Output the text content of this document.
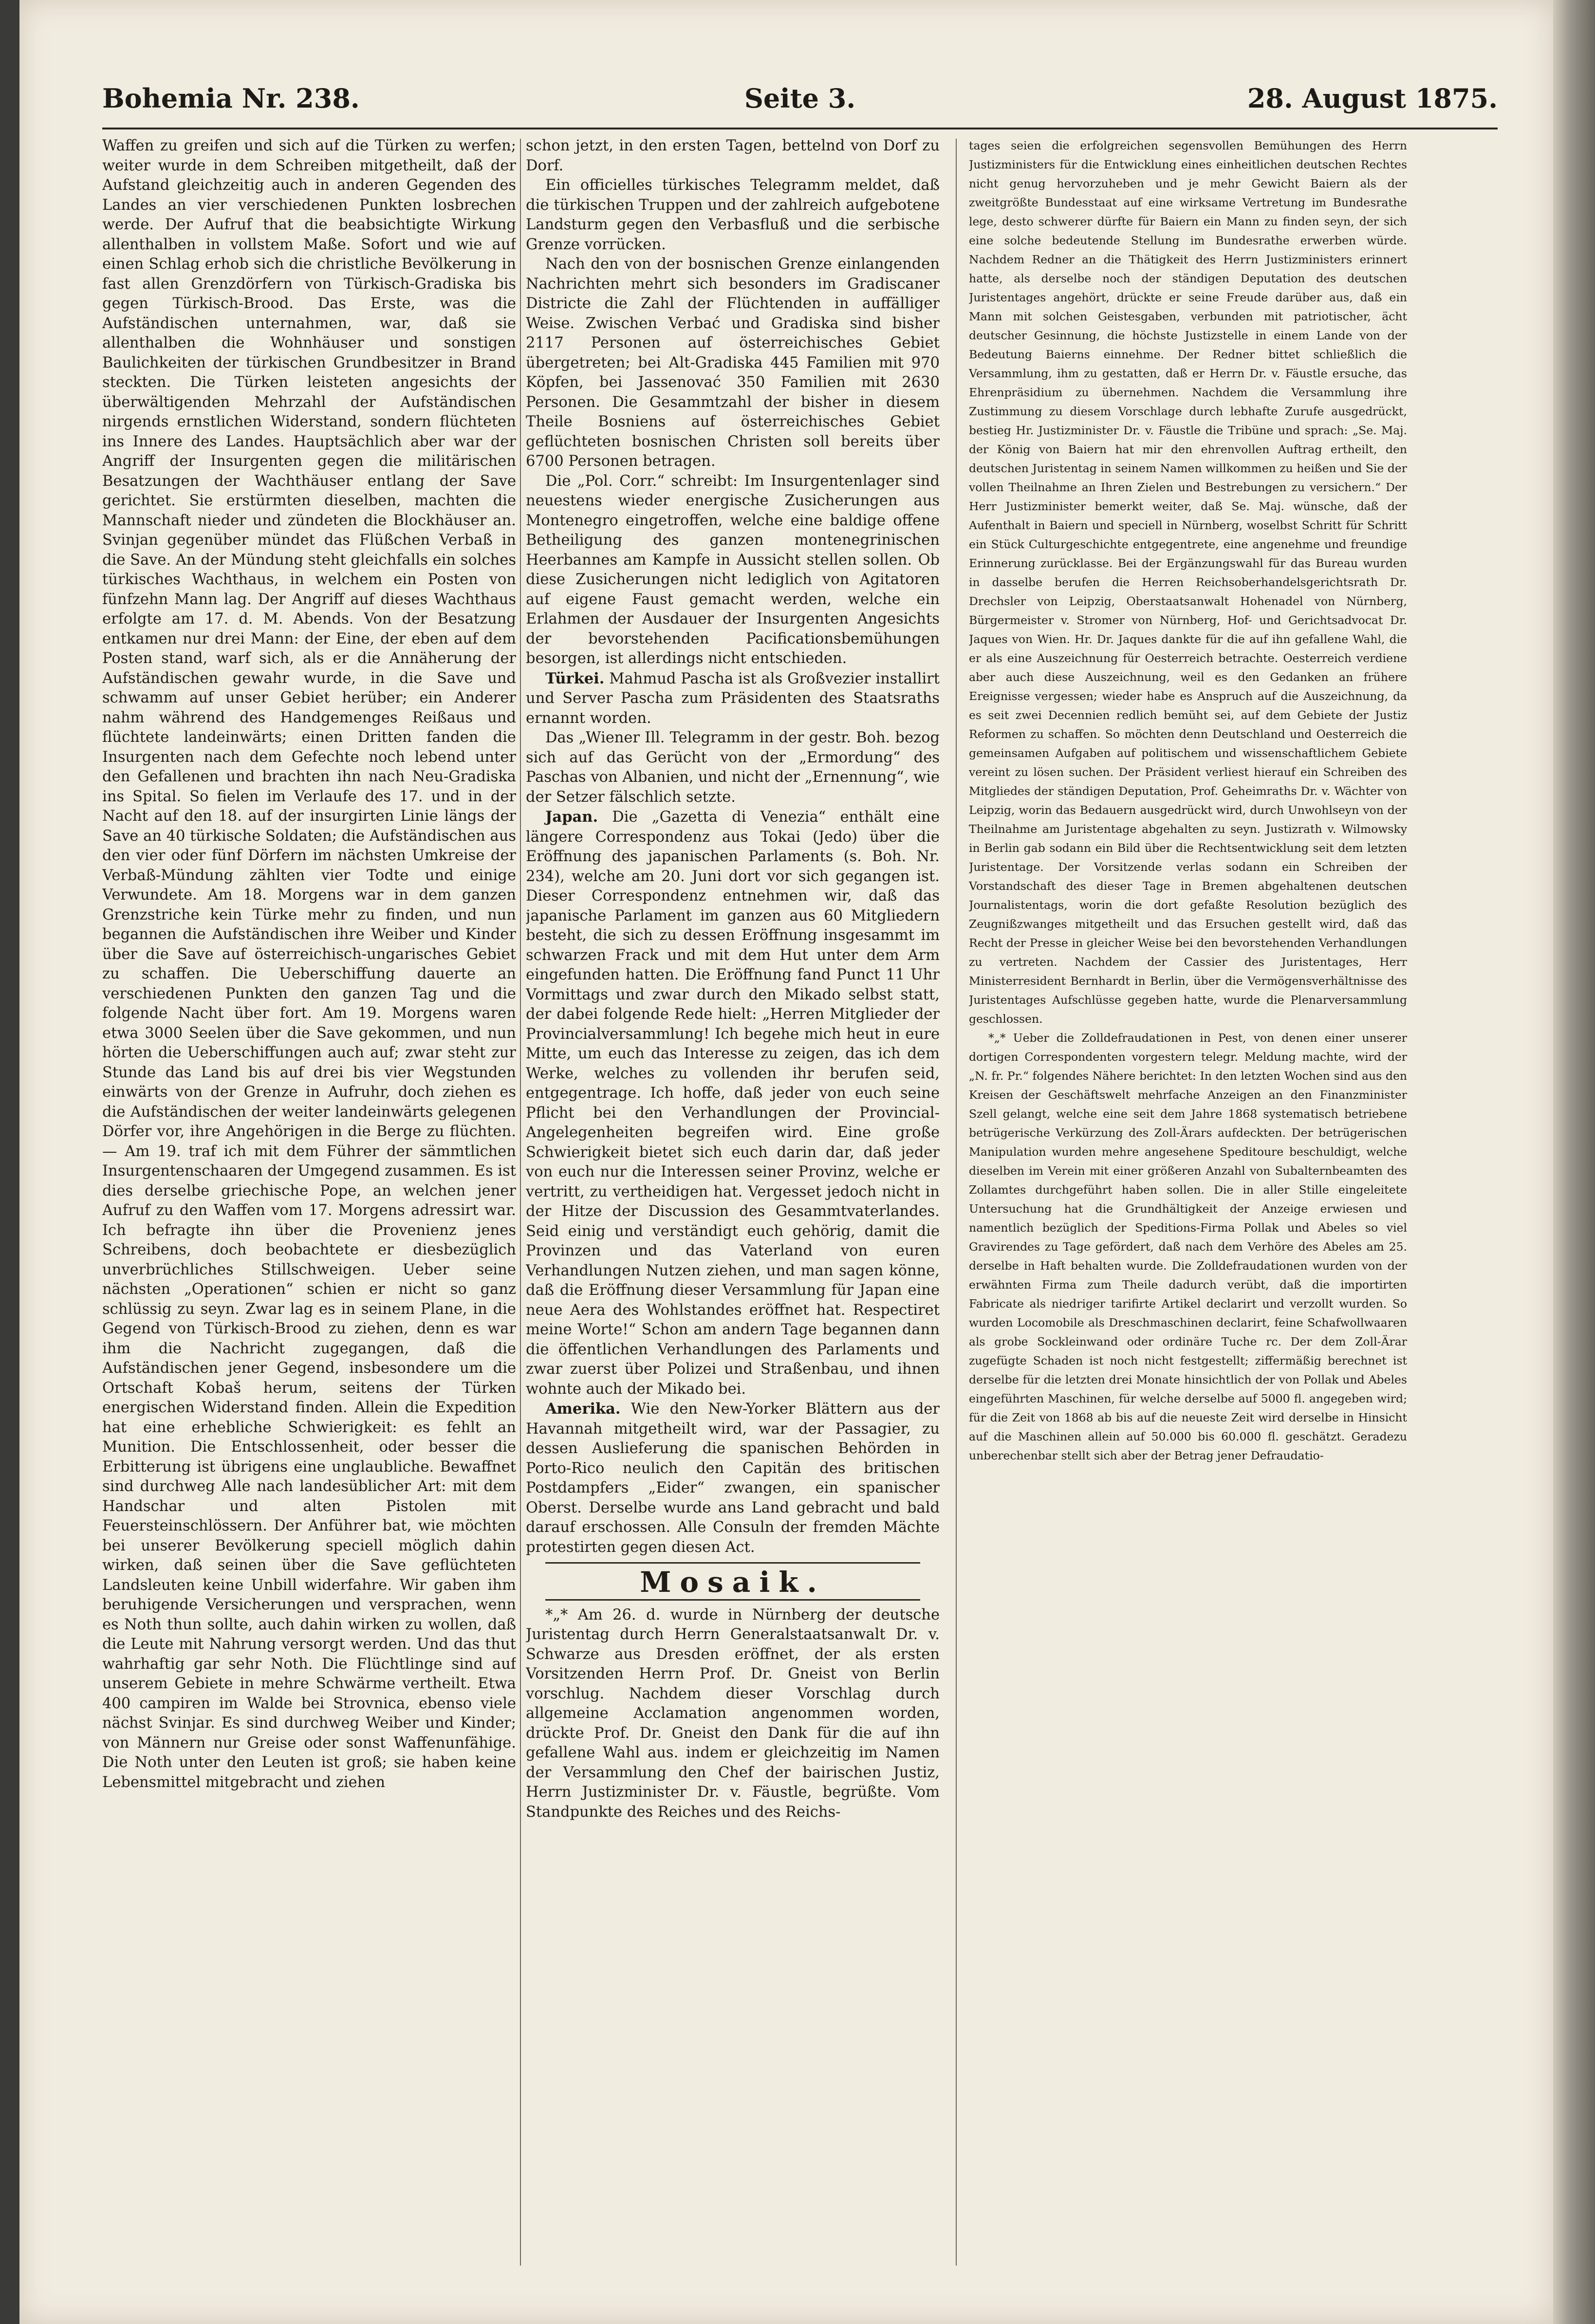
Bohemia Nr. 238.	Seite 3.	28. August 1875.

Waffen zu greifen und sich auf die Türken zu werfen; weiter wurde in dem Schreiben mitgetheilt, daß der Aufstand gleichzeitig auch in anderen Gegenden des Landes an vier verschiedenen Punkten losbrechen werde. Der Aufruf that die beabsichtigte Wirkung allenthalben in vollstem Maße. Sofort und wie auf einen Schlag erhob sich die christliche Bevölkerung in fast allen Grenzdörfern von Türkisch-Gradiska bis gegen Türkisch-Brood. Das Erste, was die Aufständischen unternahmen, war, daß sie allenthalben die Wohnhäuser und sonstigen Baulichkeiten der türkischen Grundbesitzer in Brand steckten. Die Türken leisteten angesichts der überwältigenden Mehrzahl der Aufständischen nirgends ernstlichen Widerstand, sondern flüchteten ins Innere des Landes. Hauptsächlich aber war der Angriff der Insurgenten gegen die militärischen Besatzungen der Wachthäuser entlang der Save gerichtet. Sie erstürmten dieselben, machten die Mannschaft nieder und zündeten die Blockhäuser an. Svinjan gegenüber mündet das Flüßchen Verbaß in die Save. An der Mündung steht gleichfalls ein solches türkisches Wachthaus, in welchem ein Posten von fünfzehn Mann lag. Der Angriff auf dieses Wachthaus erfolgte am 17. d. M. Abends. Von der Besatzung entkamen nur drei Mann: der Eine, der eben auf dem Posten stand, warf sich, als er die Annäherung der Aufständischen gewahr wurde, in die Save und schwamm auf unser Gebiet herüber; ein Anderer nahm während des Handgemenges Reißaus und flüchtete landeinwärts; einen Dritten fanden die Insurgenten nach dem Gefechte noch lebend unter den Gefallenen und brachten ihn nach Neu-Gradiska ins Spital. So fielen im Verlaufe des 17. und in der Nacht auf den 18. auf der insurgirten Linie längs der Save an 40 türkische Soldaten; die Aufständischen aus den vier oder fünf Dörfern im nächsten Umkreise der Verbaß-Mündung zählten vier Todte und einige Verwundete. Am 18. Morgens war in dem ganzen Grenzstriche kein Türke mehr zu finden, und nun begannen die Aufständischen ihre Weiber und Kinder über die Save auf österreichisch-ungarisches Gebiet zu schaffen. Die Ueberschiffung dauerte an verschiedenen Punkten den ganzen Tag und die folgende Nacht über fort. Am 19. Morgens waren etwa 3000 Seelen über die Save gekommen, und nun hörten die Ueberschiffungen auch auf; zwar steht zur Stunde das Land bis auf drei bis vier Wegstunden einwärts von der Grenze in Aufruhr, doch ziehen es die Aufständischen der weiter landeinwärts gelegenen Dörfer vor, ihre Angehörigen in die Berge zu flüchten. — Am 19. traf ich mit dem Führer der sämmtlichen Insurgentenschaaren der Umgegend zusammen. Es ist dies derselbe griechische Pope, an welchen jener Aufruf zu den Waffen vom 17. Morgens adressirt war. Ich befragte ihn über die Provenienz jenes Schreibens, doch beobachtete er diesbezüglich unverbrüchliches Stillschweigen. Ueber seine nächsten „Operationen“ schien er nicht so ganz schlüssig zu seyn. Zwar lag es in seinem Plane, in die Gegend von Türkisch-Brood zu ziehen, denn es war ihm die Nachricht zugegangen, daß die Aufständischen jener Gegend, insbesondere um die Ortschaft Kobaš herum, seitens der Türken energischen Widerstand finden. Allein die Expedition hat eine erhebliche Schwierigkeit: es fehlt an Munition. Die Entschlossenheit, oder besser die Erbitterung ist übrigens eine unglaubliche. Bewaffnet sind durchweg Alle nach landesüblicher Art: mit dem Handschar und alten Pistolen mit Feuersteinschlössern. Der Anführer bat, wie möchten bei unserer Bevölkerung speciell möglich dahin wirken, daß seinen über die Save geflüchteten Landsleuten keine Unbill widerfahre. Wir gaben ihm beruhigende Versicherungen und versprachen, wenn es Noth thun sollte, auch dahin wirken zu wollen, daß die Leute mit Nahrung versorgt werden. Und das thut wahrhaftig gar sehr Noth. Die Flüchtlinge sind auf unserem Gebiete in mehre Schwärme vertheilt. Etwa 400 campiren im Walde bei Strovnica, ebenso viele nächst Svinjar. Es sind durchweg Weiber und Kinder; von Männern nur Greise oder sonst Waffenunfähige. Die Noth unter den Leuten ist groß; sie haben keine Lebensmittel mitgebracht und ziehen

schon jetzt, in den ersten Tagen, bettelnd von Dorf zu Dorf.

Ein officielles türkisches Telegramm meldet, daß die türkischen Truppen und der zahlreich aufgebotene Landsturm gegen den Verbasfluß und die serbische Grenze vorrücken.

Nach den von der bosnischen Grenze einlangenden Nachrichten mehrt sich besonders im Gradiscaner Districte die Zahl der Flüchtenden in auffälliger Weise. Zwischen Verbać und Gradiska sind bisher 2117 Personen auf österreichisches Gebiet übergetreten; bei Alt-Gradiska 445 Familien mit 970 Köpfen, bei Jassenovać 350 Familien mit 2630 Personen. Die Gesammtzahl der bisher in diesem Theile Bosniens auf österreichisches Gebiet geflüchteten bosnischen Christen soll bereits über 6700 Personen betragen.

Die „Pol. Corr.“ schreibt: Im Insurgentenlager sind neuestens wieder energische Zusicherungen aus Montenegro eingetroffen, welche eine baldige offene Betheiligung des ganzen montenegrinischen Heerbannes am Kampfe in Aussicht stellen sollen. Ob diese Zusicherungen nicht lediglich von Agitatoren auf eigene Faust gemacht werden, welche ein Erlahmen der Ausdauer der Insurgenten Angesichts der bevorstehenden Pacificationsbemühungen besorgen, ist allerdings nicht entschieden.

Türkei. Mahmud Pascha ist als Großvezier installirt und Server Pascha zum Präsidenten des Staatsraths ernannt worden.

Das „Wiener Ill. Telegramm in der gestr. Boh. bezog sich auf das Gerücht von der „Ermordung“ des Paschas von Albanien, und nicht der „Ernennung“, wie der Setzer fälschlich setzte.

Japan. Die „Gazetta di Venezia“ enthält eine längere Correspondenz aus Tokai (Jedo) über die Eröffnung des japanischen Parlaments (s. Boh. Nr. 234), welche am 20. Juni dort vor sich gegangen ist. Dieser Correspondenz entnehmen wir, daß das japanische Parlament im ganzen aus 60 Mitgliedern besteht, die sich zu dessen Eröffnung insgesammt im schwarzen Frack und mit dem Hut unter dem Arm eingefunden hatten. Die Eröffnung fand Punct 11 Uhr Vormittags und zwar durch den Mikado selbst statt, der dabei folgende Rede hielt: „Herren Mitglieder der Provincialversammlung! Ich begehe mich heut in eure Mitte, um euch das Interesse zu zeigen, das ich dem Werke, welches zu vollenden ihr berufen seid, entgegentrage. Ich hoffe, daß jeder von euch seine Pflicht bei den Verhandlungen der Provincial-Angelegenheiten begreifen wird. Eine große Schwierigkeit bietet sich euch darin dar, daß jeder von euch nur die Interessen seiner Provinz, welche er vertritt, zu vertheidigen hat. Vergesset jedoch nicht in der Hitze der Discussion des Gesammtvaterlandes. Seid einig und verständigt euch gehörig, damit die Provinzen und das Vaterland von euren Verhandlungen Nutzen ziehen, und man sagen könne, daß die Eröffnung dieser Versammlung für Japan eine neue Aera des Wohlstandes eröffnet hat. Respectiret meine Worte!“ Schon am andern Tage begannen dann die öffentlichen Verhandlungen des Parlaments und zwar zuerst über Polizei und Straßenbau, und ihnen wohnte auch der Mikado bei.

Amerika. Wie den New-Yorker Blättern aus der Havannah mitgetheilt wird, war der Passagier, zu dessen Auslieferung die spanischen Behörden in Porto-Rico neulich den Capitän des britischen Postdampfers „Eider“ zwangen, ein spanischer Oberst. Derselbe wurde ans Land gebracht und bald darauf erschossen. Alle Consuln der fremden Mächte protestirten gegen diesen Act.

Mosaik.

*„* Am 26. d. wurde in Nürnberg der deutsche Juristentag durch Herrn Generalstaatsanwalt Dr. v. Schwarze aus Dresden eröffnet, der als ersten Vorsitzenden Herrn Prof. Dr. Gneist von Berlin vorschlug. Nachdem dieser Vorschlag durch allgemeine Acclamation angenommen worden, drückte Prof. Dr. Gneist den Dank für die auf ihn gefallene Wahl aus. indem er gleichzeitig im Namen der Versammlung den Chef der bairischen Justiz, Herrn Justizminister Dr. v. Fäustle, begrüßte. Vom Standpunkte des Reiches und des Reichs-

tages seien die erfolgreichen segensvollen Bemühungen des Herrn Justizministers für die Entwicklung eines einheitlichen deutschen Rechtes nicht genug hervorzuheben und je mehr Gewicht Baiern als der zweitgrößte Bundesstaat auf eine wirksame Vertretung im Bundesrathe lege, desto schwerer dürfte für Baiern ein Mann zu finden seyn, der sich eine solche bedeutende Stellung im Bundesrathe erwerben würde. Nachdem Redner an die Thätigkeit des Herrn Justizministers erinnert hatte, als derselbe noch der ständigen Deputation des deutschen Juristentages angehört, drückte er seine Freude darüber aus, daß ein Mann mit solchen Geistesgaben, verbunden mit patriotischer, ächt deutscher Gesinnung, die höchste Justizstelle in einem Lande von der Bedeutung Baierns einnehme. Der Redner bittet schließlich die Versammlung, ihm zu gestatten, daß er Herrn Dr. v. Fäustle ersuche, das Ehrenpräsidium zu übernehmen. Nachdem die Versammlung ihre Zustimmung zu diesem Vorschlage durch lebhafte Zurufe ausgedrückt, bestieg Hr. Justizminister Dr. v. Fäustle die Tribüne und sprach: „Se. Maj. der König von Baiern hat mir den ehrenvollen Auftrag ertheilt, den deutschen Juristentag in seinem Namen willkommen zu heißen und Sie der vollen Theilnahme an Ihren Zielen und Bestrebungen zu versichern.“ Der Herr Justizminister bemerkt weiter, daß Se. Maj. wünsche, daß der Aufenthalt in Baiern und speciell in Nürnberg, woselbst Schritt für Schritt ein Stück Culturgeschichte entgegentrete, eine angenehme und freundige Erinnerung zurücklasse. Bei der Ergänzungswahl für das Bureau wurden in dasselbe berufen die Herren Reichsoberhandelsgerichtsrath Dr. Drechsler von Leipzig, Oberstaatsanwalt Hohenadel von Nürnberg, Bürgermeister v. Stromer von Nürnberg, Hof- und Gerichtsadvocat Dr. Jaques von Wien. Hr. Dr. Jaques dankte für die auf ihn gefallene Wahl, die er als eine Auszeichnung für Oesterreich betrachte. Oesterreich verdiene aber auch diese Auszeichnung, weil es den Gedanken an frühere Ereignisse vergessen; wieder habe es Anspruch auf die Auszeichnung, da es seit zwei Decennien redlich bemüht sei, auf dem Gebiete der Justiz Reformen zu schaffen. So möchten denn Deutschland und Oesterreich die gemeinsamen Aufgaben auf politischem und wissenschaftlichem Gebiete vereint zu lösen suchen. Der Präsident verliest hierauf ein Schreiben des Mitgliedes der ständigen Deputation, Prof. Geheimraths Dr. v. Wächter von Leipzig, worin das Bedauern ausgedrückt wird, durch Unwohlseyn von der Theilnahme am Juristentage abgehalten zu seyn. Justizrath v. Wilmowsky in Berlin gab sodann ein Bild über die Rechtsentwicklung seit dem letzten Juristentage. Der Vorsitzende verlas sodann ein Schreiben der Vorstandschaft des dieser Tage in Bremen abgehaltenen deutschen Journalistentags, worin die dort gefaßte Resolution bezüglich des Zeugnißzwanges mitgetheilt und das Ersuchen gestellt wird, daß das Recht der Presse in gleicher Weise bei den bevorstehenden Verhandlungen zu vertreten. Nachdem der Cassier des Juristentages, Herr Ministerresident Bernhardt in Berlin, über die Vermögensverhältnisse des Juristentages Aufschlüsse gegeben hatte, wurde die Plenarversammlung geschlossen.

*„* Ueber die Zolldefraudationen in Pest, von denen einer unserer dortigen Correspondenten vorgestern telegr. Meldung machte, wird der „N. fr. Pr.“ folgendes Nähere berichtet: In den letzten Wochen sind aus den Kreisen der Geschäftswelt mehrfache Anzeigen an den Finanzminister Szell gelangt, welche eine seit dem Jahre 1868 systematisch betriebene betrügerische Verkürzung des Zoll-Ärars aufdeckten. Der betrügerischen Manipulation wurden mehre angesehene Speditoure beschuldigt, welche dieselben im Verein mit einer größeren Anzahl von Subalternbeamten des Zollamtes durchgeführt haben sollen. Die in aller Stille eingeleitete Untersuchung hat die Grundhältigkeit der Anzeige erwiesen und namentlich bezüglich der Speditions-Firma Pollak und Abeles so viel Gravirendes zu Tage gefördert, daß nach dem Verhöre des Abeles am 25. derselbe in Haft behalten wurde. Die Zolldefraudationen wurden von der erwähnten Firma zum Theile dadurch verübt, daß die importirten Fabricate als niedriger tarifirte Artikel declarirt und verzollt wurden. So wurden Locomobile als Dreschmaschinen declarirt, feine Schafwollwaaren als grobe Sockleinwand oder ordinäre Tuche rc. Der dem Zoll-Ärar zugefügte Schaden ist noch nicht festgestellt; ziffermäßig berechnet ist derselbe für die letzten drei Monate hinsichtlich der von Pollak und Abeles eingeführten Maschinen, für welche derselbe auf 5000 fl. angegeben wird; für die Zeit von 1868 ab bis auf die neueste Zeit wird derselbe in Hinsicht auf die Maschinen allein auf 50.000 bis 60.000 fl. geschätzt. Geradezu unberechenbar stellt sich aber der Betrag jener Defraudatio-
